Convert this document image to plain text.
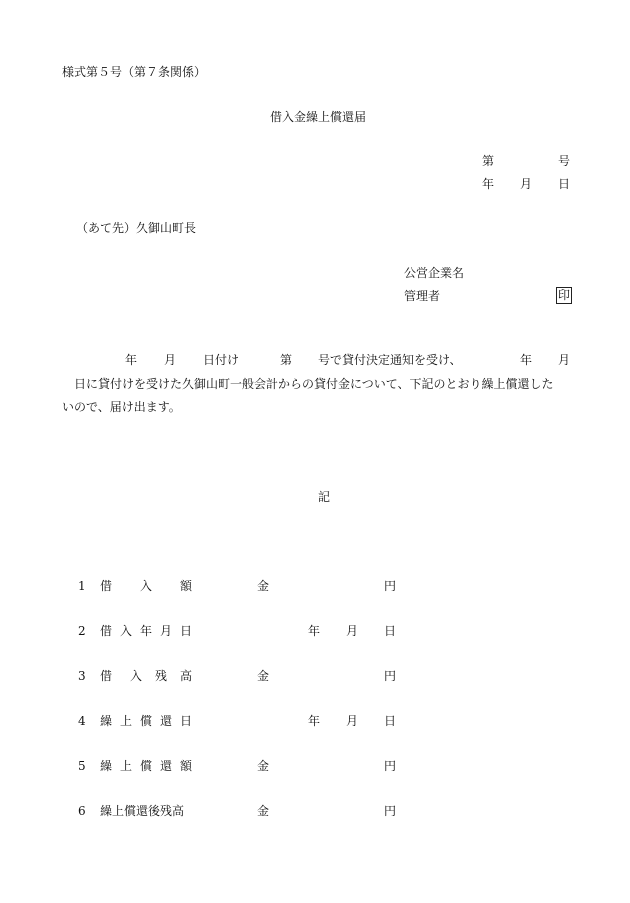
様式第５号（第７条関係）
借入金繰上償還届
第	号
年 月 日
（あて先）久御山町長
公営企業名
管理者	印
年 月 日付け	第 号で貸付決定通知を受け、	年 月
日に貸付けを受けた久御山町一般会計からの貸付金について、下記のとおり繰上償還した
いので、届け出ます。
記
1 借 入 額	金	円
2 借 入 年 月 日	年 月 日
3 借 入 残 高	金	円
4 繰 上 償 還 日	年 月 日
5 繰 上 償 還 額	金	円
6 繰上償還後残高	金	円
